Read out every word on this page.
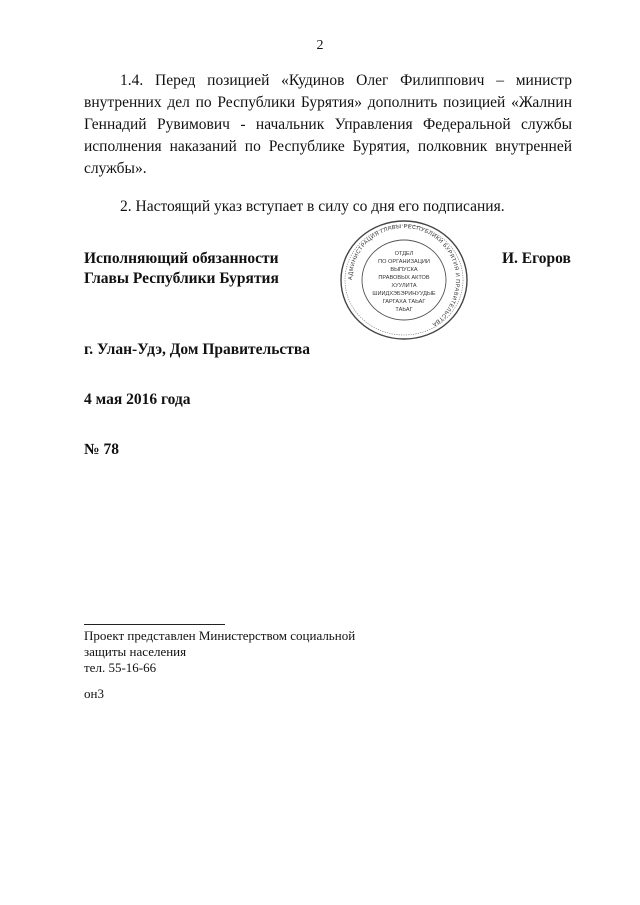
2
1.4. Перед позицией «Кудинов Олег Филиппович – министр внутренних дел по Республики Бурятия» дополнить позицией «Жалнин Геннадий Рувимович - начальник Управления Федеральной службы исполнения наказаний по Республике Бурятия, полковник внутренней службы».
2. Настоящий указ вступает в силу со дня его подписания.
Исполняющий обязанности
Главы Республики Бурятия
И. Егоров
АДМИНИСТРАЦИЯ ГЛАВЫ РЕСПУБЛИКИ БУРЯТИЯ И ПРАВИТЕЛЬСТВА
ОТДЕЛ
ПО ОРГАНИЗАЦИИ
ВЫПУСКА
ПРАВОВЫХ АКТОВ
ХУУЛИТА
ШИИДХЭБЭРИНУУДЫЕ
ГАРГАХА ТАЬАГ
ТАЬАГ
г. Улан-Удэ, Дом Правительства
4 мая 2016 года
№ 78
Проект представлен Министерством социальной
защиты населения
тел. 55-16-66
он3
